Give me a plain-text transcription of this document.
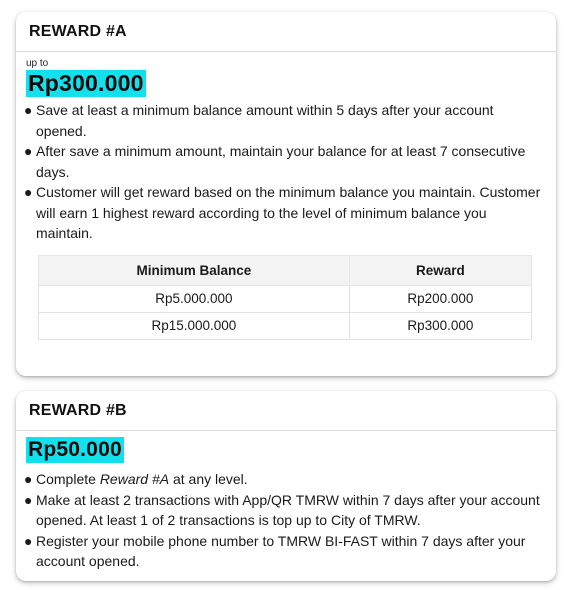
REWARD #A
up to
Rp300.000
● Save at least a minimum balance amount within 5 days after your account opened.
● After save a minimum amount, maintain your balance for at least 7 consecutive days.
● Customer will get reward based on the minimum balance you maintain. Customer will earn 1 highest reward according to the level of minimum balance you maintain.
Minimum Balance	Reward
Rp5.000.000	Rp200.000
Rp15.000.000	Rp300.000
REWARD #B
Rp50.000
● Complete Reward #A at any level.
● Make at least 2 transactions with App/QR TMRW within 7 days after your account opened. At least 1 of 2 transactions is top up to City of TMRW.
● Register your mobile phone number to TMRW BI-FAST within 7 days after your account opened.
